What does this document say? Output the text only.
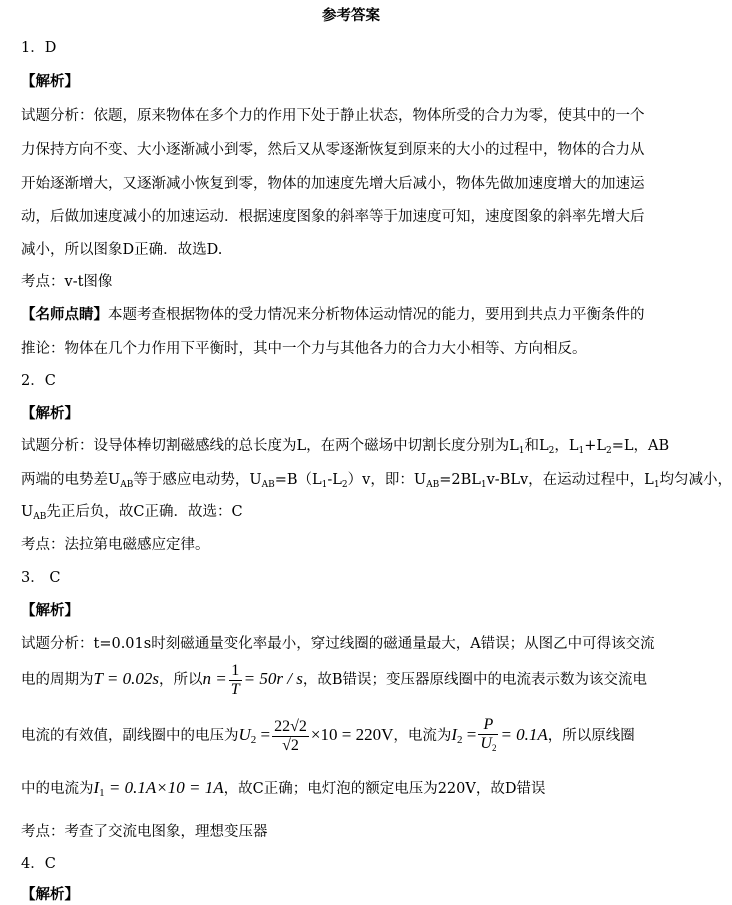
参考答案
1．D
【解析】
试题分析：依题，原来物体在多个力的作用下处于静止状态，物体所受的合力为零，使其中的一个
力保持方向不变、大小逐渐减小到零，然后又从零逐渐恢复到原来的大小的过程中，物体的合力从
开始逐渐增大，又逐渐减小恢复到零，物体的加速度先增大后减小，物体先做加速度增大的加速运
动，后做加速度减小的加速运动．根据速度图象的斜率等于加速度可知，速度图象的斜率先增大后
减小，所以图象D正确．故选D.
考点：v-t图像
【名师点睛】本题考查根据物体的受力情况来分析物体运动情况的能力，要用到共点力平衡条件的
推论：物体在几个力作用下平衡时，其中一个力与其他各力的合力大小相等、方向相反。
2．C
【解析】
试题分析：设导体棒切割磁感线的总长度为L，在两个磁场中切割长度分别为$L_1$和$L_2$，$L_1+L_2=L$，AB
两端的电势差$U_{AB}$等于感应电动势，$U_{AB}=B(L_1-L_2)v$，即：$U_{AB}=2BL_1v$-BLv，在运动过程中，$L_1$均匀减小，
$U_{AB}$先正后负，故C正确．故选：C
考点：法拉第电磁感应定律。
3． C
【解析】
试题分析：t=0.01s时刻磁通量变化率最小，穿过线圈的磁通量最大，A错误；从图乙中可得该交流
电的周期为T = 0.02s，所以$n = \frac{1}{T} = 50r / s$，故B错误；变压器原线圈中的电流表示数为该交流电
电流的有效值，副线圈中的电压为$U_2 = \frac{22√2}{√2} \times 10 = 220V$，电流为$I_2 = \frac{P}{U_2} = 0.1A$，所以原线圈
中的电流为$I_1 = 0.1A\times 10 = 1A$，故C正确；电灯泡的额定电压为220V，故D错误
考点：考查了交流电图象，理想变压器
4．C
【解析】
